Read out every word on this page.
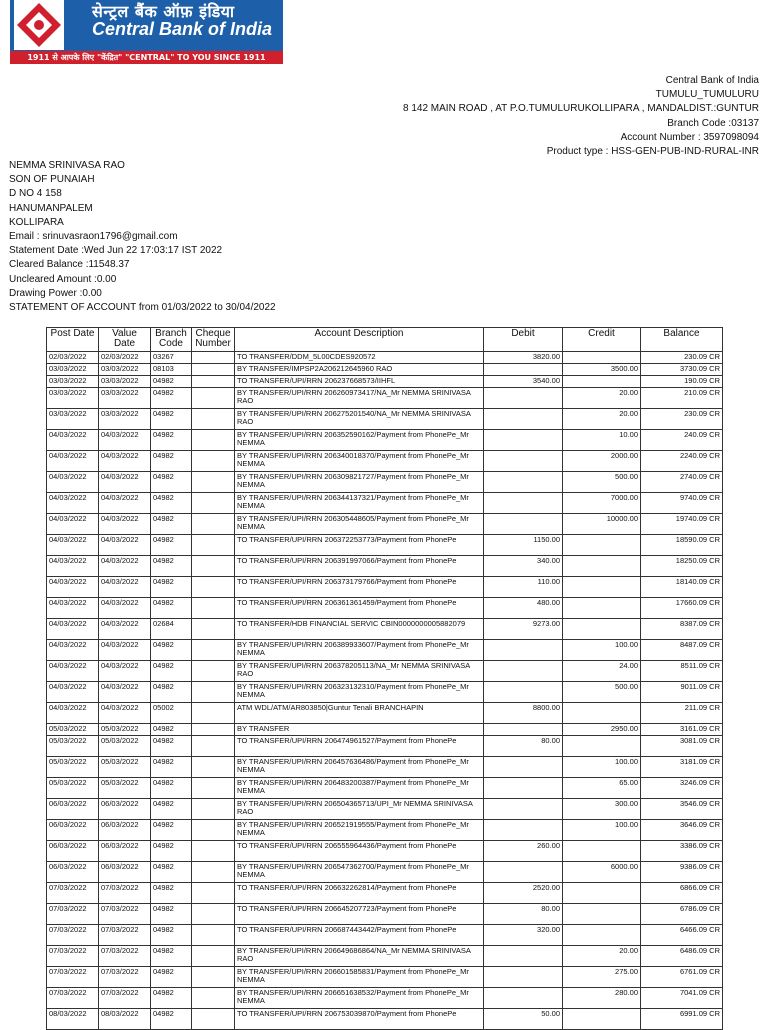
सेन्ट्रल बैंक ऑफ़ इंडिया
Central Bank of India
1911 से आपके लिए "केंद्रित" "CENTRAL" TO YOU SINCE 1911
Central Bank of India
TUMULU_TUMULURU
8 142 MAIN ROAD , AT P.O.TUMULURUKOLLIPARA , MANDALDIST.:GUNTUR
Branch Code :03137
Account Number : 3597098094
Product type : HSS-GEN-PUB-IND-RURAL-INR
NEMMA SRINIVASA RAO
SON OF PUNAIAH
D NO 4 158
HANUMANPALEM
KOLLIPARA
Email : srinuvasraon1796@gmail.com
Statement Date :Wed Jun 22 17:03:17 IST 2022
Cleared Balance :11548.37
Uncleared Amount :0.00
Drawing Power :0.00
STATEMENT OF ACCOUNT from 01/03/2022 to 30/04/2022
Post Date	Value Date	Branch Code	Cheque Number	Account Description	Debit	Credit	Balance
02/03/2022	02/03/2022	03267		TO TRANSFER/DDM_5L00CDES920572	3820.00		230.09 CR
03/03/2022	03/03/2022	08103		BY TRANSFER/IMPSP2A206212645960 RAO		3500.00	3730.09 CR
03/03/2022	03/03/2022	04982		TO TRANSFER/UPI/RRN 206237668573/IIHFL	3540.00		190.09 CR
03/03/2022	03/03/2022	04982		BY TRANSFER/UPI/RRN 206260973417/NA_Mr NEMMA SRINIVASA RAO		20.00	210.09 CR
03/03/2022	03/03/2022	04982		BY TRANSFER/UPI/RRN 206275201540/NA_Mr NEMMA SRINIVASA RAO		20.00	230.09 CR
04/03/2022	04/03/2022	04982		BY TRANSFER/UPI/RRN 206352590162/Payment from PhonePe_Mr NEMMA		10.00	240.09 CR
04/03/2022	04/03/2022	04982		BY TRANSFER/UPI/RRN 206340018370/Payment from PhonePe_Mr NEMMA		2000.00	2240.09 CR
04/03/2022	04/03/2022	04982		BY TRANSFER/UPI/RRN 206309821727/Payment from PhonePe_Mr NEMMA		500.00	2740.09 CR
04/03/2022	04/03/2022	04982		BY TRANSFER/UPI/RRN 206344137321/Payment from PhonePe_Mr NEMMA		7000.00	9740.09 CR
04/03/2022	04/03/2022	04982		BY TRANSFER/UPI/RRN 206305448605/Payment from PhonePe_Mr NEMMA		10000.00	19740.09 CR
04/03/2022	04/03/2022	04982		TO TRANSFER/UPI/RRN 206372253773/Payment from PhonePe	1150.00		18590.09 CR
04/03/2022	04/03/2022	04982		TO TRANSFER/UPI/RRN 206391997066/Payment from PhonePe	340.00		18250.09 CR
04/03/2022	04/03/2022	04982		TO TRANSFER/UPI/RRN 206373179766/Payment from PhonePe	110.00		18140.09 CR
04/03/2022	04/03/2022	04982		TO TRANSFER/UPI/RRN 206361361459/Payment from PhonePe	480.00		17660.09 CR
04/03/2022	04/03/2022	02684		TO TRANSFER/HDB FINANCIAL SERVIC CBIN0000000005882079	9273.00		8387.09 CR
04/03/2022	04/03/2022	04982		BY TRANSFER/UPI/RRN 206389933607/Payment from PhonePe_Mr NEMMA		100.00	8487.09 CR
04/03/2022	04/03/2022	04982		BY TRANSFER/UPI/RRN 206378205113/NA_Mr NEMMA SRINIVASA RAO		24.00	8511.09 CR
04/03/2022	04/03/2022	04982		BY TRANSFER/UPI/RRN 206323132310/Payment from PhonePe_Mr NEMMA		500.00	9011.09 CR
04/03/2022	04/03/2022	05002		ATM WDL/ATM/AR803850|Guntur Tenali BRANCHAPIN	8800.00		211.09 CR
05/03/2022	05/03/2022	04982		BY TRANSFER		2950.00	3161.09 CR
05/03/2022	05/03/2022	04982		TO TRANSFER/UPI/RRN 206474961527/Payment from PhonePe	80.00		3081.09 CR
05/03/2022	05/03/2022	04982		BY TRANSFER/UPI/RRN 206457636486/Payment from PhonePe_Mr NEMMA		100.00	3181.09 CR
05/03/2022	05/03/2022	04982		BY TRANSFER/UPI/RRN 206483200387/Payment from PhonePe_Mr NEMMA		65.00	3246.09 CR
06/03/2022	06/03/2022	04982		BY TRANSFER/UPI/RRN 206504365713/UPI_Mr NEMMA SRINIVASA RAO		300.00	3546.09 CR
06/03/2022	06/03/2022	04982		BY TRANSFER/UPI/RRN 206521919555/Payment from PhonePe_Mr NEMMA		100.00	3646.09 CR
06/03/2022	06/03/2022	04982		TO TRANSFER/UPI/RRN 206555964436/Payment from PhonePe	260.00		3386.09 CR
06/03/2022	06/03/2022	04982		BY TRANSFER/UPI/RRN 206547362700/Payment from PhonePe_Mr NEMMA		6000.00	9386.09 CR
07/03/2022	07/03/2022	04982		TO TRANSFER/UPI/RRN 206632262814/Payment from PhonePe	2520.00		6866.09 CR
07/03/2022	07/03/2022	04982		TO TRANSFER/UPI/RRN 206645207723/Payment from PhonePe	80.00		6786.09 CR
07/03/2022	07/03/2022	04982		TO TRANSFER/UPI/RRN 206687443442/Payment from PhonePe	320.00		6466.09 CR
07/03/2022	07/03/2022	04982		BY TRANSFER/UPI/RRN 206649686864/NA_Mr NEMMA SRINIVASA RAO		20.00	6486.09 CR
07/03/2022	07/03/2022	04982		BY TRANSFER/UPI/RRN 206601585831/Payment from PhonePe_Mr NEMMA		275.00	6761.09 CR
07/03/2022	07/03/2022	04982		BY TRANSFER/UPI/RRN 206651638532/Payment from PhonePe_Mr NEMMA		280.00	7041.09 CR
08/03/2022	08/03/2022	04982		TO TRANSFER/UPI/RRN 206753039870/Payment from PhonePe	50.00		6991.09 CR
